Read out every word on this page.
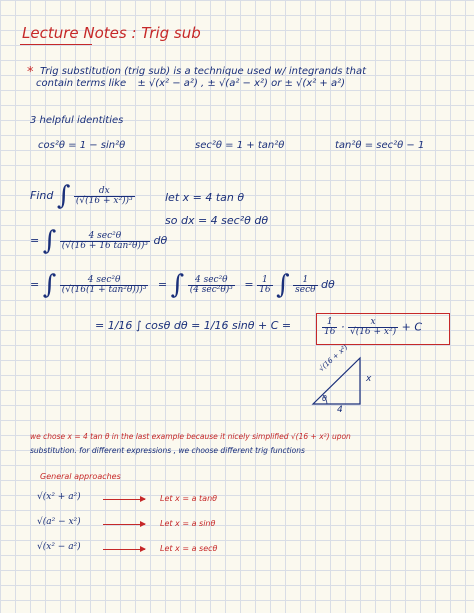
Lecture Notes : Trig sub
* Trig substitution (trig sub) is a technique used w/ integrands that
contain terms like ± √(x² − a²) , ± √(a² − x²) or ± √(x² + a²)
3 helpful identities
cos²θ = 1 − sin²θ	sec²θ = 1 + tan²θ	tan²θ = sec²θ − 1
Find ∫ $\frac{dx}{\text{(√(16 + x²))³}}$	let x = 4 tan θ
so dx = 4 sec²θ dθ
= ∫ $\frac{\text{4 sec²θ}}{\text{(√(16 + 16 tan²θ))³}}$ dθ
= ∫ $\frac{\text{4 sec²θ}}{\text{(√(16(1 + tan²θ)))³}}$ = ∫ $\frac{\text{4 sec²θ}}{\text{(4 sec²θ)³}} = \frac{1}{16}$ ∫ $\frac{1}{\sec\theta}$ dθ
= 1/16 ∫ cosθ dθ = 1/16 sinθ + C =	$\frac{1}{16} \cdot \frac{x}{\text{√(16 + x²)}} + C$
√(16 + x²)
x
4
θ
we chose x = 4 tan θ in the last example because it nicely simplified √(16 + x²) upon
substitution. for different expressions , we choose different trig functions
General approaches
√(x² + a²)	Let x = a tanθ
√(a² − x²)	Let x = a sinθ
√(x² − a²)	Let x = a secθ
